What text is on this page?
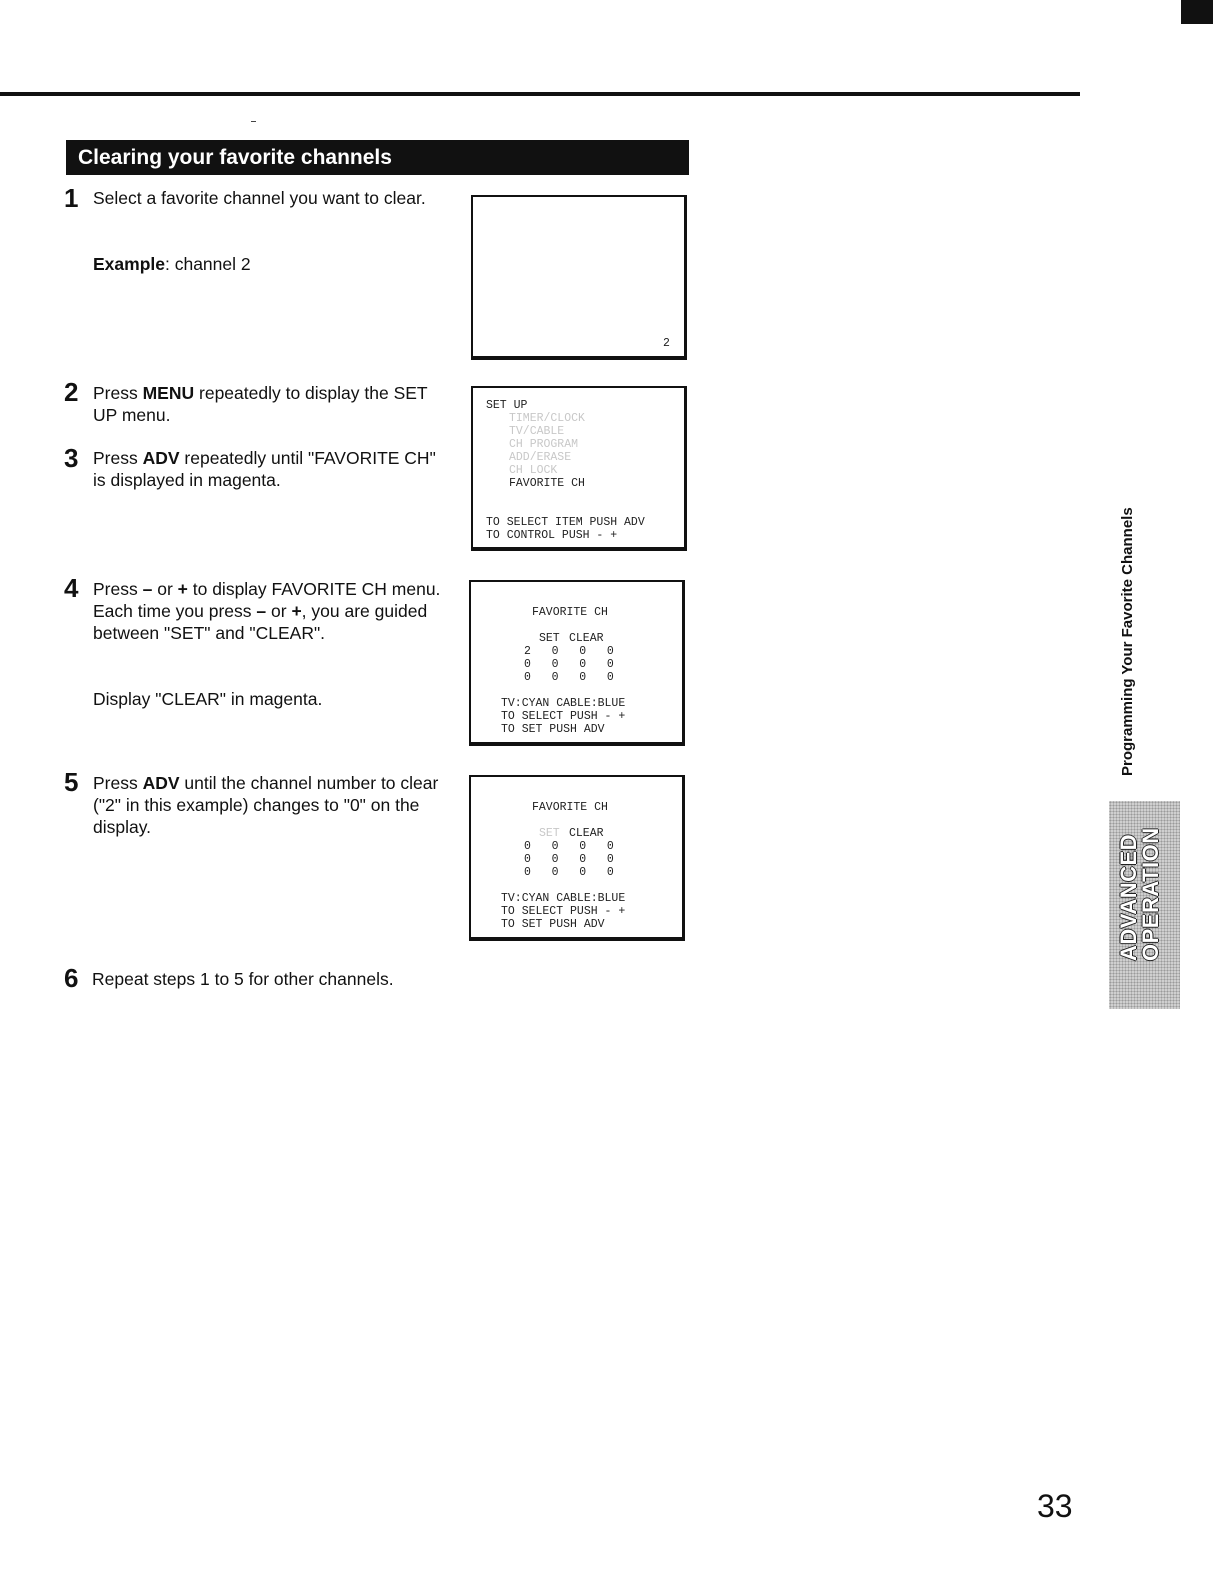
Clearing your favorite channels
1 Select a favorite channel you want to clear.
Example: channel 2
2
2 Press MENU repeatedly to display the SET UP menu.
3 Press ADV repeatedly until "FAVORITE CH" is displayed in magenta.
SET UP
TIMER/CLOCK
TV/CABLE
CH PROGRAM
ADD/ERASE
CH LOCK
FAVORITE CH
TO SELECT ITEM PUSH ADV
TO CONTROL PUSH - +
4 Press – or + to display FAVORITE CH menu.
Each time you press – or +, you are guided between "SET" and "CLEAR".
Display "CLEAR" in magenta.
FAVORITE CH
SET CLEAR
2   0   0   0
0   0   0   0
0   0   0   0
TV:CYAN CABLE:BLUE
TO SELECT PUSH - +
TO SET PUSH ADV
5 Press ADV until the channel number to clear ("2" in this example) changes to "0" on the display.
FAVORITE CH
SET CLEAR
0   0   0   0
0   0   0   0
0   0   0   0
TV:CYAN CABLE:BLUE
TO SELECT PUSH - +
TO SET PUSH ADV
6 Repeat steps 1 to 5 for other channels.
Programming Your Favorite Channels
ADVANCED
OPERATION
33
